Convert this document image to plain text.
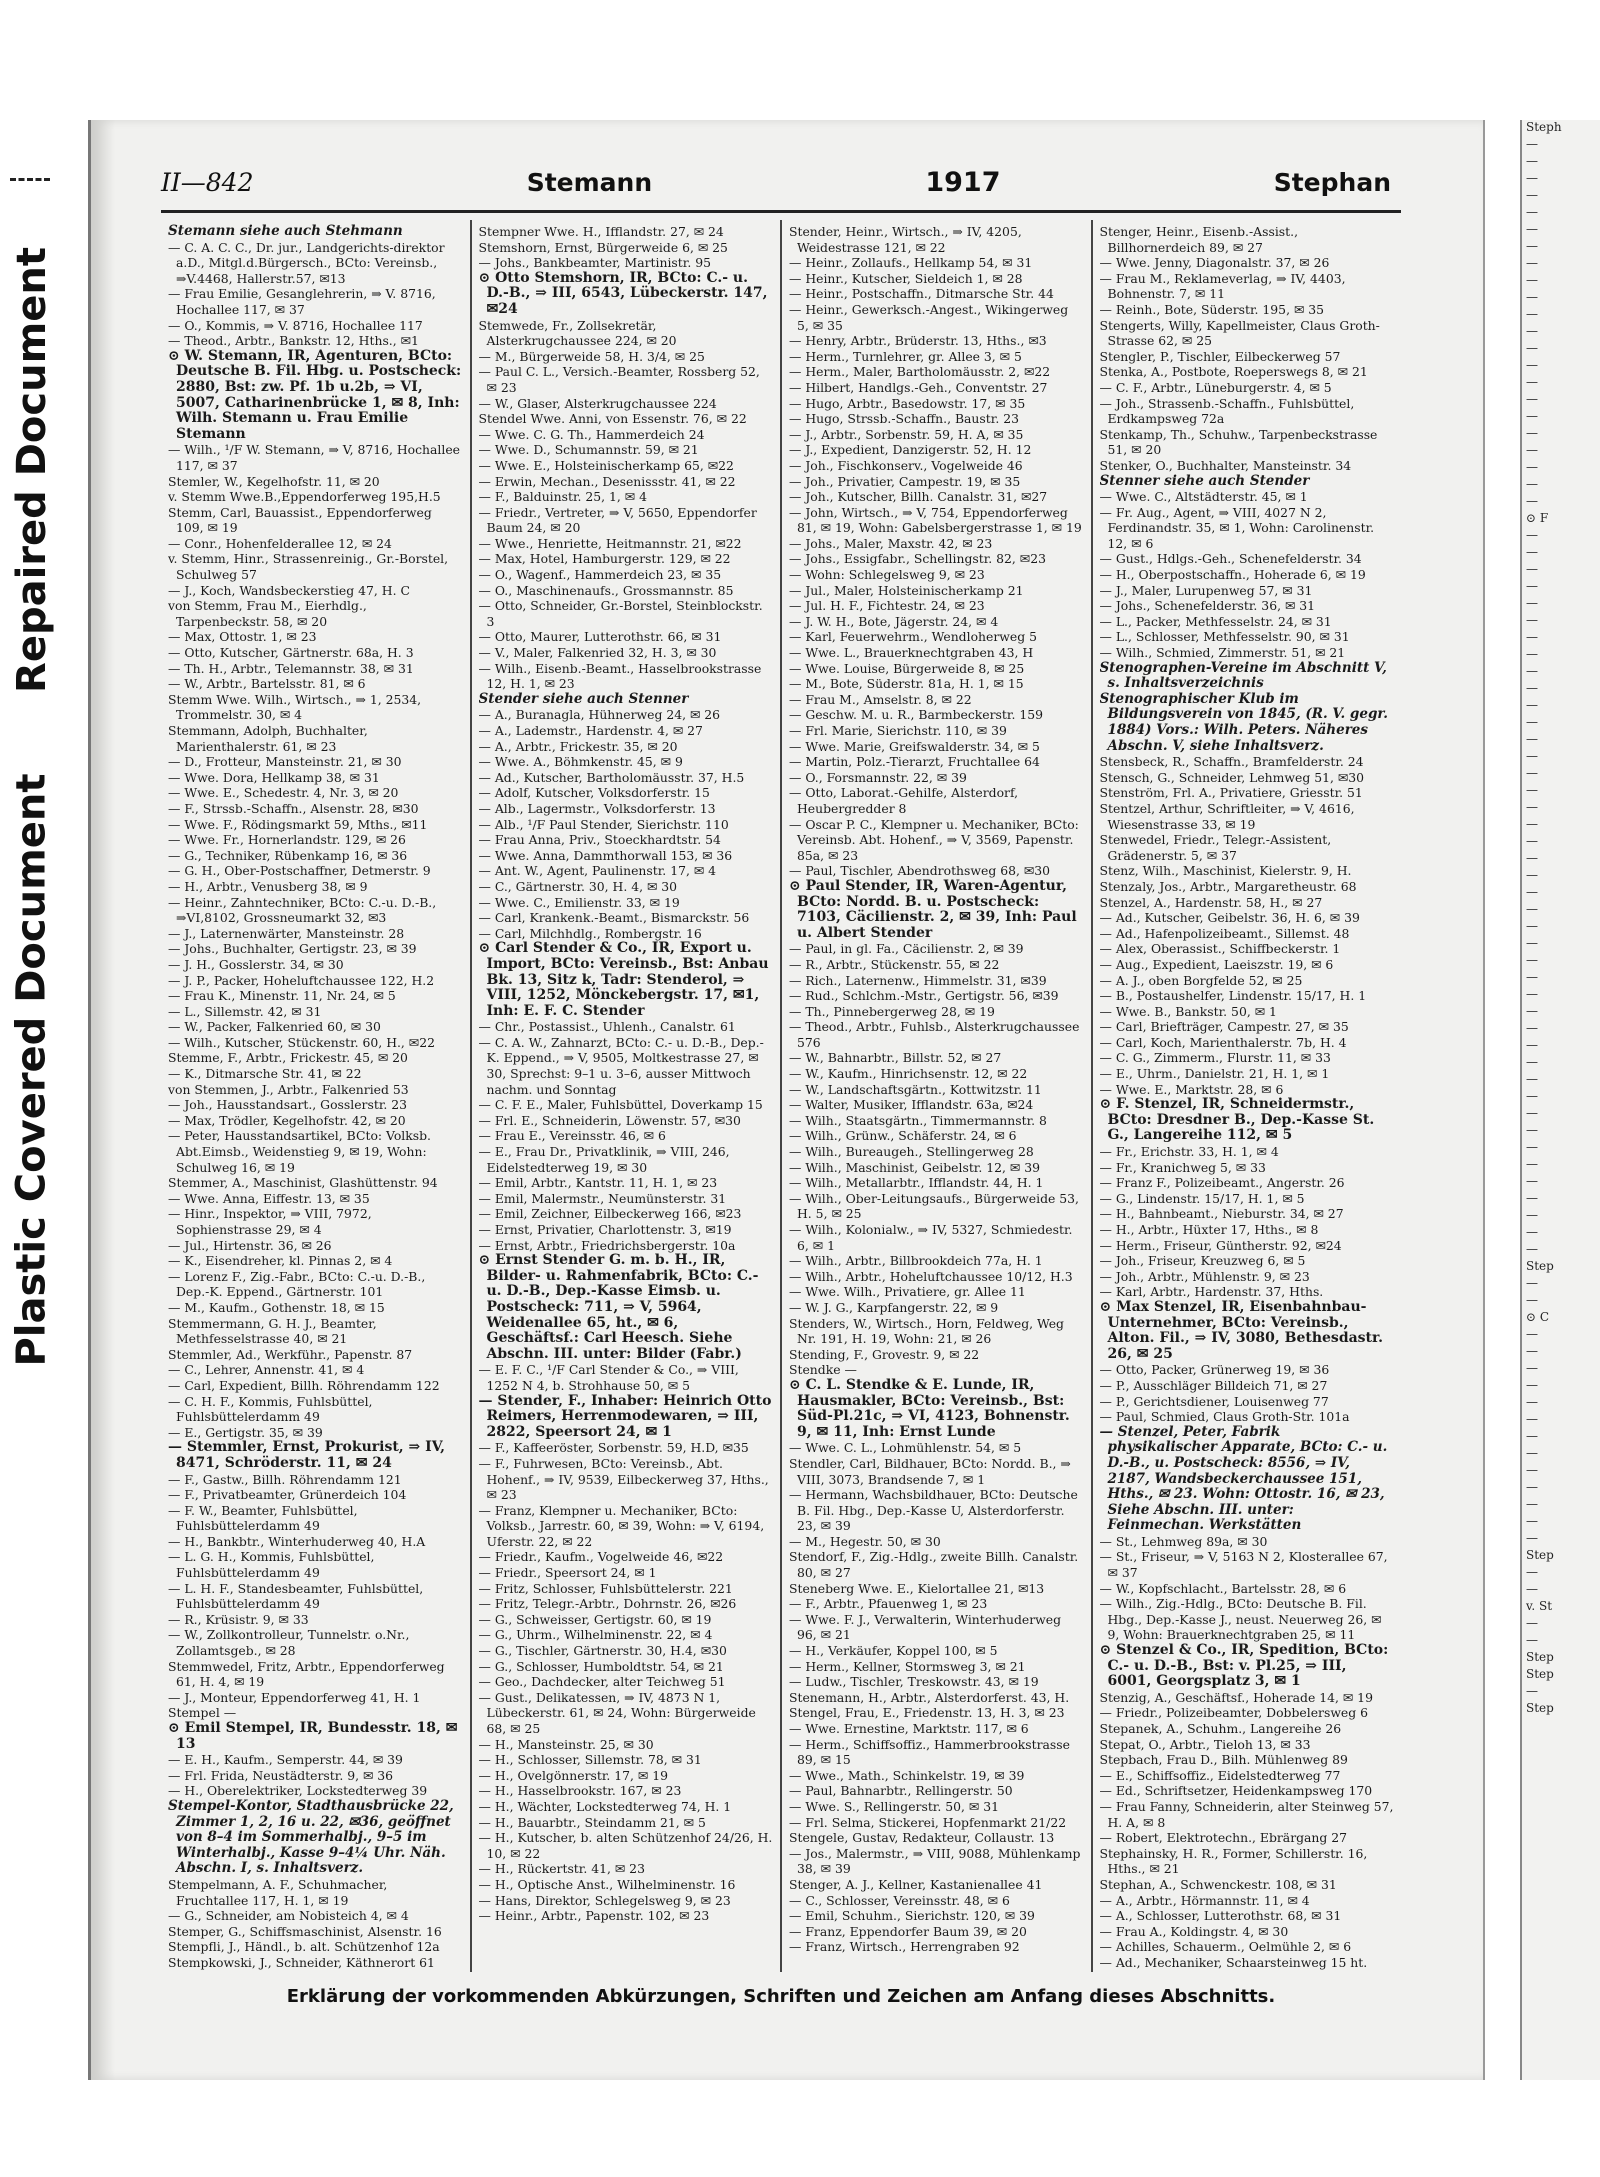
Repaired Document
Plastic Covered Document
II—842	Stemann	1917	Stephan
Stemann siehe auch Stehmann
— C. A. C. C., Dr. jur., Landgerichts-direktor a.D., Mitgl.d.Bürgersch., BCto: Vereinsb., ⇒V.4468, Hallerstr.57, ✉13
— Frau Emilie, Gesanglehrerin, ⇒ V. 8716, Hochallee 117, ✉ 37
— O., Kommis, ⇒ V. 8716, Hochallee 117
— Theod., Arbtr., Bankstr. 12, Hths., ✉1
⊙ W. Stemann, IR, Agenturen, BCto: Deutsche B. Fil. Hbg. u. Postscheck: 2880, Bst: zw. Pf. 1b u.2b, ⇒ VI, 5007, Catharinenbrücke 1, ✉ 8, Inh: Wilh. Stemann u. Frau Emilie Stemann
— Wilh., ¹/F W. Stemann, ⇒ V, 8716, Hochallee 117, ✉ 37
Stemler, W., Kegelhofstr. 11, ✉ 20
v. Stemm Wwe.B.,Eppendorferweg 195,H.5
Stemm, Carl, Bauassist., Eppendorferweg 109, ✉ 19
— Conr., Hohenfelderallee 12, ✉ 24
v. Stemm, Hinr., Strassenreinig., Gr.-Borstel, Schulweg 57
— J., Koch, Wandsbeckerstieg 47, H. C
von Stemm, Frau M., Eierhdlg., Tarpenbeckstr. 58, ✉ 20
— Max, Ottostr. 1, ✉ 23
— Otto, Kutscher, Gärtnerstr. 68a, H. 3
— Th. H., Arbtr., Telemannstr. 38, ✉ 31
— W., Arbtr., Bartelsstr. 81, ✉ 6
Stemm Wwe. Wilh., Wirtsch., ⇒ 1, 2534, Trommelstr. 30, ✉ 4
Stemmann, Adolph, Buchhalter, Marienthalerstr. 61, ✉ 23
— D., Frotteur, Mansteinstr. 21, ✉ 30
— Wwe. Dora, Hellkamp 38, ✉ 31
— Wwe. E., Schedestr. 4, Nr. 3, ✉ 20
— F., Strssb.-Schaffn., Alsenstr. 28, ✉30
— Wwe. F., Rödingsmarkt 59, Mths., ✉11
— Wwe. Fr., Hornerlandstr. 129, ✉ 26
— G., Techniker, Rübenkamp 16, ✉ 36
— G. H., Ober-Postschaffner, Detmerstr. 9
— H., Arbtr., Venusberg 38, ✉ 9
— Heinr., Zahntechniker, BCto: C.-u. D.-B., ⇒VI,8102, Grossneumarkt 32, ✉3
— J., Laternenwärter, Mansteinstr. 28
— Johs., Buchhalter, Gertigstr. 23, ✉ 39
— J. H., Gosslerstr. 34, ✉ 30
— J. P., Packer, Hoheluftchaussee 122, H.2
— Frau K., Minenstr. 11, Nr. 24, ✉ 5
— L., Sillemstr. 42, ✉ 31
— W., Packer, Falkenried 60, ✉ 30
— Wilh., Kutscher, Stückenstr. 60, H., ✉22
Stemme, F., Arbtr., Frickestr. 45, ✉ 20
— K., Ditmarsche Str. 41, ✉ 22
von Stemmen, J., Arbtr., Falkenried 53
— Joh., Hausstandsart., Gosslerstr. 23
— Max, Trödler, Kegelhofstr. 42, ✉ 20
— Peter, Hausstandsartikel, BCto: Volksb. Abt.Eimsb., Weidenstieg 9, ✉ 19, Wohn: Schulweg 16, ✉ 19
Stemmer, A., Maschinist, Glashüttenstr. 94
— Wwe. Anna, Eiffestr. 13, ✉ 35
— Hinr., Inspektor, ⇒ VIII, 7972, Sophienstrasse 29, ✉ 4
— Jul., Hirtenstr. 36, ✉ 26
— K., Eisendreher, kl. Pinnas 2, ✉ 4
— Lorenz F., Zig.-Fabr., BCto: C.-u. D.-B., Dep.-K. Eppend., Gärtnerstr. 101
— M., Kaufm., Gothenstr. 18, ✉ 15
Stemmermann, G. H. J., Beamter, Methfesselstrasse 40, ✉ 21
Stemmler, Ad., Werkführ., Papenstr. 87
— C., Lehrer, Annenstr. 41, ✉ 4
— Carl, Expedient, Billh. Röhrendamm 122
— C. H. F., Kommis, Fuhlsbüttel, Fuhlsbüttelerdamm 49
— E., Gertigstr. 35, ✉ 39
— Stemmler, Ernst, Prokurist, ⇒ IV, 8471, Schröderstr. 11, ✉ 24
— F., Gastw., Billh. Röhrendamm 121
— F., Privatbeamter, Grünerdeich 104
— F. W., Beamter, Fuhlsbüttel, Fuhlsbüttelerdamm 49
— H., Bankbtr., Winterhuderweg 40, H.A
— L. G. H., Kommis, Fuhlsbüttel, Fuhlsbüttelerdamm 49
— L. H. F., Standesbeamter, Fuhlsbüttel, Fuhlsbüttelerdamm 49
— R., Krüsistr. 9, ✉ 33
— W., Zollkontrolleur, Tunnelstr. o.Nr., Zollamtsgeb., ✉ 28
Stemmwedel, Fritz, Arbtr., Eppendorferweg 61, H. 4, ✉ 19
— J., Monteur, Eppendorferweg 41, H. 1
Stempel —
⊙ Emil Stempel, IR, Bundesstr. 18, ✉ 13
— E. H., Kaufm., Semperstr. 44, ✉ 39
— Frl. Frida, Neustädterstr. 9, ✉ 36
— H., Oberelektriker, Lockstedterweg 39
Stempel-Kontor, Stadthausbrücke 22, Zimmer 1, 2, 16 u. 22, ✉36, geöffnet von 8–4 im Sommerhalbj., 9–5 im Winterhalbj., Kasse 9–4¼ Uhr. Näh. Abschn. I, s. Inhaltsverz.
Stempelmann, A. F., Schuhmacher, Fruchtallee 117, H. 1, ✉ 19
— G., Schneider, am Nobisteich 4, ✉ 4
Stemper, G., Schiffsmaschinist, Alsenstr. 16
Stempfli, J., Händl., b. alt. Schützenhof 12a
Stempkowski, J., Schneider, Käthnerort 61
Stempner Wwe. H., Ifflandstr. 27, ✉ 24
Stemshorn, Ernst, Bürgerweide 6, ✉ 25
— Johs., Bankbeamter, Martinistr. 95
⊙ Otto Stemshorn, IR, BCto: C.- u. D.-B., ⇒ III, 6543, Lübeckerstr. 147, ✉24
Stemwede, Fr., Zollsekretär, Alsterkrugchaussee 224, ✉ 20
— M., Bürgerweide 58, H. 3/4, ✉ 25
— Paul C. L., Versich.-Beamter, Rossberg 52, ✉ 23
— W., Glaser, Alsterkrugchaussee 224
Stendel Wwe. Anni, von Essenstr. 76, ✉ 22
— Wwe. C. G. Th., Hammerdeich 24
— Wwe. D., Schumannstr. 59, ✉ 21
— Wwe. E., Holsteinischerkamp 65, ✉22
— Erwin, Mechan., Desenissstr. 41, ✉ 22
— F., Balduinstr. 25, 1, ✉ 4
— Friedr., Vertreter, ⇒ V, 5650, Eppendorfer Baum 24, ✉ 20
— Wwe., Henriette, Heitmannstr. 21, ✉22
— Max, Hotel, Hamburgerstr. 129, ✉ 22
— O., Wagenf., Hammerdeich 23, ✉ 35
— O., Maschinenaufs., Grossmannstr. 85
— Otto, Schneider, Gr.-Borstel, Steinblockstr. 3
— Otto, Maurer, Lutterothstr. 66, ✉ 31
— V., Maler, Falkenried 32, H. 3, ✉ 30
— Wilh., Eisenb.-Beamt., Hasselbrookstrasse 12, H. 1, ✉ 23
Stender siehe auch Stenner
— A., Buranagla, Hühnerweg 24, ✉ 26
— A., Lademstr., Hardenstr. 4, ✉ 27
— A., Arbtr., Frickestr. 35, ✉ 20
— Wwe. A., Böhmkenstr. 45, ✉ 9
— Ad., Kutscher, Bartholomäusstr. 37, H.5
— Adolf, Kutscher, Volksdorferstr. 15
— Alb., Lagermstr., Volksdorferstr. 13
— Alb., ¹/F Paul Stender, Sierichstr. 110
— Frau Anna, Priv., Stoeckhardtstr. 54
— Wwe. Anna, Dammthorwall 153, ✉ 36
— Ant. W., Agent, Paulinenstr. 17, ✉ 4
— C., Gärtnerstr. 30, H. 4, ✉ 30
— Wwe. C., Emilienstr. 33, ✉ 19
— Carl, Krankenk.-Beamt., Bismarckstr. 56
— Carl, Milchhdlg., Rombergstr. 16
⊙ Carl Stender & Co., IR, Export u. Import, BCto: Vereinsb., Bst: Anbau Bk. 13, Sitz k, Tadr: Stenderol, ⇒ VIII, 1252, Mönckebergstr. 17, ✉1, Inh: E. F. C. Stender
— Chr., Postassist., Uhlenh., Canalstr. 61
— C. A. W., Zahnarzt, BCto: C.- u. D.-B., Dep.-K. Eppend., ⇒ V, 9505, Moltkestrasse 27, ✉ 30, Sprechst: 9–1 u. 3–6, ausser Mittwoch nachm. und Sonntag
— C. F. E., Maler, Fuhlsbüttel, Doverkamp 15
— Frl. E., Schneiderin, Löwenstr. 57, ✉30
— Frau E., Vereinsstr. 46, ✉ 6
— E., Frau Dr., Privatklinik, ⇒ VIII, 246, Eidelstedterweg 19, ✉ 30
— Emil, Arbtr., Kantstr. 11, H. 1, ✉ 23
— Emil, Malermstr., Neumünsterstr. 31
— Emil, Zeichner, Eilbeckerweg 166, ✉23
— Ernst, Privatier, Charlottenstr. 3, ✉19
— Ernst, Arbtr., Friedrichsbergerstr. 10a
⊙ Ernst Stender G. m. b. H., IR, Bilder- u. Rahmenfabrik, BCto: C.- u. D.-B., Dep.-Kasse Eimsb. u. Postscheck: 711, ⇒ V, 5964, Weidenallee 65, ht., ✉ 6, Geschäftsf.: Carl Heesch. Siehe Abschn. III. unter: Bilder (Fabr.)
— E. F. C., ¹/F Carl Stender & Co., ⇒ VIII, 1252 N 4, b. Strohhause 50, ✉ 5
— Stender, F., Inhaber: Heinrich Otto Reimers, Herrenmodewaren, ⇒ III, 2822, Speersort 24, ✉ 1
— F., Kaffeeröster, Sorbenstr. 59, H.D, ✉35
— F., Fuhrwesen, BCto: Vereinsb., Abt. Hohenf., ⇒ IV, 9539, Eilbeckerweg 37, Hths., ✉ 23
— Franz, Klempner u. Mechaniker, BCto: Volksb., Jarrestr. 60, ✉ 39, Wohn: ⇒ V, 6194, Uferstr. 22, ✉ 22
— Friedr., Kaufm., Vogelweide 46, ✉22
— Friedr., Speersort 24, ✉ 1
— Fritz, Schlosser, Fuhlsbüttelerstr. 221
— Fritz, Telegr.-Arbtr., Dohrnstr. 26, ✉26
— G., Schweisser, Gertigstr. 60, ✉ 19
— G., Uhrm., Wilhelminenstr. 22, ✉ 4
— G., Tischler, Gärtnerstr. 30, H.4, ✉30
— G., Schlosser, Humboldtstr. 54, ✉ 21
— Geo., Dachdecker, alter Teichweg 51
— Gust., Delikatessen, ⇒ IV, 4873 N 1, Lübeckerstr. 61, ✉ 24, Wohn: Bürgerweide 68, ✉ 25
— H., Mansteinstr. 25, ✉ 30
— H., Schlosser, Sillemstr. 78, ✉ 31
— H., Ovelgönnerstr. 17, ✉ 19
— H., Hasselbrookstr. 167, ✉ 23
— H., Wächter, Lockstedterweg 74, H. 1
— H., Bauarbtr., Steindamm 21, ✉ 5
— H., Kutscher, b. alten Schützenhof 24/26, H. 10, ✉ 22
— H., Rückertstr. 41, ✉ 23
— H., Optische Anst., Wilhelminenstr. 16
— Hans, Direktor, Schlegelsweg 9, ✉ 23
— Heinr., Arbtr., Papenstr. 102, ✉ 23
Stender, Heinr., Wirtsch., ⇒ IV, 4205, Weidestrasse 121, ✉ 22
— Heinr., Zollaufs., Hellkamp 54, ✉ 31
— Heinr., Kutscher, Sieldeich 1, ✉ 28
— Heinr., Postschaffn., Ditmarsche Str. 44
— Heinr., Gewerksch.-Angest., Wikingerweg 5, ✉ 35
— Henry, Arbtr., Brüderstr. 13, Hths., ✉3
— Herm., Turnlehrer, gr. Allee 3, ✉ 5
— Herm., Maler, Bartholomäusstr. 2, ✉22
— Hilbert, Handlgs.-Geh., Conventstr. 27
— Hugo, Arbtr., Basedowstr. 17, ✉ 35
— Hugo, Strssb.-Schaffn., Baustr. 23
— J., Arbtr., Sorbenstr. 59, H. A, ✉ 35
— J., Expedient, Danzigerstr. 52, H. 12
— Joh., Fischkonserv., Vogelweide 46
— Joh., Privatier, Campestr. 19, ✉ 35
— Joh., Kutscher, Billh. Canalstr. 31, ✉27
— John, Wirtsch., ⇒ V, 754, Eppendorferweg 81, ✉ 19, Wohn: Gabelsbergerstrasse 1, ✉ 19
— Johs., Maler, Maxstr. 42, ✉ 23
— Johs., Essigfabr., Schellingstr. 82, ✉23
— Wohn: Schlegelsweg 9, ✉ 23
— Jul., Maler, Holsteinischerkamp 21
— Jul. H. F., Fichtestr. 24, ✉ 23
— J. W. H., Bote, Jägerstr. 24, ✉ 4
— Karl, Feuerwehrm., Wendloherweg 5
— Wwe. L., Brauerknechtgraben 43, H
— Wwe. Louise, Bürgerweide 8, ✉ 25
— M., Bote, Süderstr. 81a, H. 1, ✉ 15
— Frau M., Amselstr. 8, ✉ 22
— Geschw. M. u. R., Barmbeckerstr. 159
— Frl. Marie, Sierichstr. 110, ✉ 39
— Wwe. Marie, Greifswalderstr. 34, ✉ 5
— Martin, Polz.-Tierarzt, Fruchtallee 64
— O., Forsmannstr. 22, ✉ 39
— Otto, Laborat.-Gehilfe, Alsterdorf, Heubergredder 8
— Oscar P. C., Klempner u. Mechaniker, BCto: Vereinsb. Abt. Hohenf., ⇒ V, 3569, Papenstr. 85a, ✉ 23
— Paul, Tischler, Abendrothsweg 68, ✉30
⊙ Paul Stender, IR, Waren-Agentur, BCto: Nordd. B. u. Postscheck: 7103, Cäcilienstr. 2, ✉ 39, Inh: Paul u. Albert Stender
— Paul, in gl. Fa., Cäcilienstr. 2, ✉ 39
— R., Arbtr., Stückenstr. 55, ✉ 22
— Rich., Laternenw., Himmelstr. 31, ✉39
— Rud., Schlchm.-Mstr., Gertigstr. 56, ✉39
— Th., Pinnebergerweg 28, ✉ 19
— Theod., Arbtr., Fuhlsb., Alsterkrugchaussee 576
— W., Bahnarbtr., Billstr. 52, ✉ 27
— W., Kaufm., Hinrichsenstr. 12, ✉ 22
— W., Landschaftsgärtn., Kottwitzstr. 11
— Walter, Musiker, Ifflandstr. 63a, ✉24
— Wilh., Staatsgärtn., Timmermannstr. 8
— Wilh., Grünw., Schäferstr. 24, ✉ 6
— Wilh., Bureaugeh., Stellingerweg 28
— Wilh., Maschinist, Geibelstr. 12, ✉ 39
— Wilh., Metallarbtr., Ifflandstr. 44, H. 1
— Wilh., Ober-Leitungsaufs., Bürgerweide 53, H. 5, ✉ 25
— Wilh., Kolonialw., ⇒ IV, 5327, Schmiedestr. 6, ✉ 1
— Wilh., Arbtr., Billbrookdeich 77a, H. 1
— Wilh., Arbtr., Hoheluftchaussee 10/12, H.3
— Wwe. Wilh., Privatiere, gr. Allee 11
— W. J. G., Karpfangerstr. 22, ✉ 9
Stenders, W., Wirtsch., Horn, Feldweg, Weg Nr. 191, H. 19, Wohn: 21, ✉ 26
Stending, F., Grovestr. 9, ✉ 22
Stendke —
⊙ C. L. Stendke & E. Lunde, IR, Hausmakler, BCto: Vereinsb., Bst: Süd-Pl.21c, ⇒ VI, 4123, Bohnenstr. 9, ✉ 11, Inh: Ernst Lunde
— Wwe. C. L., Lohmühlenstr. 54, ✉ 5
Stendler, Carl, Bildhauer, BCto: Nordd. B., ⇒ VIII, 3073, Brandsende 7, ✉ 1
— Hermann, Wachsbildhauer, BCto: Deutsche B. Fil. Hbg., Dep.-Kasse U, Alsterdorferstr. 23, ✉ 39
— M., Hegestr. 50, ✉ 30
Stendorf, F., Zig.-Hdlg., zweite Billh. Canalstr. 80, ✉ 27
Steneberg Wwe. E., Kielortallee 21, ✉13
— F., Arbtr., Pfauenweg 1, ✉ 23
— Wwe. F. J., Verwalterin, Winterhuderweg 96, ✉ 21
— H., Verkäufer, Koppel 100, ✉ 5
— Herm., Kellner, Stormsweg 3, ✉ 21
— Ludw., Tischler, Treskowstr. 43, ✉ 19
Stenemann, H., Arbtr., Alsterdorferst. 43, H.
Stengel, Frau, E., Friedenstr. 13, H. 3, ✉ 23
— Wwe. Ernestine, Marktstr. 117, ✉ 6
— Herm., Schiffsoffiz., Hammerbrookstrasse 89, ✉ 15
— Wwe., Math., Schinkelstr. 19, ✉ 39
— Paul, Bahnarbtr., Rellingerstr. 50
— Wwe. S., Rellingerstr. 50, ✉ 31
— Frl. Selma, Stickerei, Hopfenmarkt 21/22
Stengele, Gustav, Redakteur, Collaustr. 13
— Jos., Malermstr., ⇒ VIII, 9088, Mühlenkamp 38, ✉ 39
Stenger, A. J., Kellner, Kastanienallee 41
— C., Schlosser, Vereinsstr. 48, ✉ 6
— Emil, Schuhm., Sierichstr. 120, ✉ 39
— Franz, Eppendorfer Baum 39, ✉ 20
— Franz, Wirtsch., Herrengraben 92
Stenger, Heinr., Eisenb.-Assist., Billhornerdeich 89, ✉ 27
— Wwe. Jenny, Diagonalstr. 37, ✉ 26
— Frau M., Reklameverlag, ⇒ IV, 4403, Bohnenstr. 7, ✉ 11
— Reinh., Bote, Süderstr. 195, ✉ 35
Stengerts, Willy, Kapellmeister, Claus Groth-Strasse 62, ✉ 25
Stengler, P., Tischler, Eilbeckerweg 57
Stenka, A., Postbote, Roeperswegs 8, ✉ 21
— C. F., Arbtr., Lüneburgerstr. 4, ✉ 5
— Joh., Strassenb.-Schaffn., Fuhlsbüttel, Erdkampsweg 72a
Stenkamp, Th., Schuhw., Tarpenbeckstrasse 51, ✉ 20
Stenker, O., Buchhalter, Mansteinstr. 34
Stenner siehe auch Stender
— Wwe. C., Altstädterstr. 45, ✉ 1
— Fr. Aug., Agent, ⇒ VIII, 4027 N 2, Ferdinandstr. 35, ✉ 1, Wohn: Carolinenstr. 12, ✉ 6
— Gust., Hdlgs.-Geh., Schenefelderstr. 34
— H., Oberpostschaffn., Hoherade 6, ✉ 19
— J., Maler, Lurupenweg 57, ✉ 31
— Johs., Schenefelderstr. 36, ✉ 31
— L., Packer, Methfesselstr. 24, ✉ 31
— L., Schlosser, Methfesselstr. 90, ✉ 31
— Wilh., Schmied, Zimmerstr. 51, ✉ 21
Stenographen-Vereine im Abschnitt V, s. Inhaltsverzeichnis
Stenographischer Klub im Bildungsverein von 1845, (R. V. gegr. 1884) Vors.: Wilh. Peters. Näheres Abschn. V, siehe Inhaltsverz.
Stensbeck, R., Schaffn., Bramfelderstr. 24
Stensch, G., Schneider, Lehmweg 51, ✉30
Stenström, Frl. A., Privatiere, Griesstr. 51
Stentzel, Arthur, Schriftleiter, ⇒ V, 4616, Wiesenstrasse 33, ✉ 19
Stenwedel, Friedr., Telegr.-Assistent, Grädenerstr. 5, ✉ 37
Stenz, Wilh., Maschinist, Kielerstr. 9, H.
Stenzaly, Jos., Arbtr., Margaretheustr. 68
Stenzel, A., Hardenstr. 58, H., ✉ 27
— Ad., Kutscher, Geibelstr. 36, H. 6, ✉ 39
— Ad., Hafenpolizeibeamt., Sillemst. 48
— Alex, Oberassist., Schiffbeckerstr. 1
— Aug., Expedient, Laeiszstr. 19, ✉ 6
— A. J., oben Borgfelde 52, ✉ 25
— B., Postaushelfer, Lindenstr. 15/17, H. 1
— Wwe. B., Bankstr. 50, ✉ 1
— Carl, Briefträger, Campestr. 27, ✉ 35
— Carl, Koch, Marienthalerstr. 7b, H. 4
— C. G., Zimmerm., Flurstr. 11, ✉ 33
— E., Uhrm., Danielstr. 21, H. 1, ✉ 1
— Wwe. E., Marktstr. 28, ✉ 6
⊙ F. Stenzel, IR, Schneidermstr., BCto: Dresdner B., Dep.-Kasse St. G., Langereihe 112, ✉ 5
— Fr., Erichstr. 33, H. 1, ✉ 4
— Fr., Kranichweg 5, ✉ 33
— Franz F., Polizeibeamt., Angerstr. 26
— G., Lindenstr. 15/17, H. 1, ✉ 5
— H., Bahnbeamt., Nieburstr. 34, ✉ 27
— H., Arbtr., Hüxter 17, Hths., ✉ 8
— Herm., Friseur, Güntherstr. 92, ✉24
— Joh., Friseur, Kreuzweg 6, ✉ 5
— Joh., Arbtr., Mühlenstr. 9, ✉ 23
— Karl, Arbtr., Hardenstr. 37, Hths.
⊙ Max Stenzel, IR, Eisenbahnbau-Unternehmer, BCto: Vereinsb., Alton. Fil., ⇒ IV, 3080, Bethesdastr. 26, ✉ 25
— Otto, Packer, Grünerweg 19, ✉ 36
— P., Ausschläger Billdeich 71, ✉ 27
— P., Gerichtsdiener, Louisenweg 77
— Paul, Schmied, Claus Groth-Str. 101a
— Stenzel, Peter, Fabrik physikalischer Apparate, BCto: C.- u. D.-B., u. Postscheck: 8556, ⇒ IV, 2187, Wandsbeckerchaussee 151, Hths., ✉ 23. Wohn: Ottostr. 16, ✉ 23, Siehe Abschn. III. unter: Feinmechan. Werkstätten
— St., Lehmweg 89a, ✉ 30
— St., Friseur, ⇒ V, 5163 N 2, Klosterallee 67, ✉ 37
— W., Kopfschlacht., Bartelsstr. 28, ✉ 6
— Wilh., Zig.-Hdlg., BCto: Deutsche B. Fil. Hbg., Dep.-Kasse J., neust. Neuerweg 26, ✉ 9, Wohn: Brauerknechtgraben 25, ✉ 11
⊙ Stenzel & Co., IR, Spedition, BCto: C.- u. D.-B., Bst: v. Pl.25, ⇒ III, 6001, Georgsplatz 3, ✉ 1
Stenzig, A., Geschäftsf., Hoherade 14, ✉ 19
— Friedr., Polizeibeamter, Dobbelersweg 6
Stepanek, A., Schuhm., Langereihe 26
Stepat, O., Arbtr., Tieloh 13, ✉ 33
Stepbach, Frau D., Bilh. Mühlenweg 89
— E., Schiffsoffiz., Eidelstedterweg 77
— Ed., Schriftsetzer, Heidenkampsweg 170
— Frau Fanny, Schneiderin, alter Steinweg 57, H. A, ✉ 8
— Robert, Elektrotechn., Ebrärgang 27
Stephainsky, H. R., Former, Schillerstr. 16, Hths., ✉ 21
Stephan, A., Schwenckestr. 108, ✉ 31
— A., Arbtr., Hörmannstr. 11, ✉ 4
— A., Schlosser, Lutterothstr. 68, ✉ 31
— Frau A., Koldingstr. 4, ✉ 30
— Achilles, Schauerm., Oelmühle 2, ✉ 6
— Ad., Mechaniker, Schaarsteinweg 15 ht.
Erklärung der vorkommenden Abkürzungen, Schriften und Zeichen am Anfang dieses Abschnitts.
Steph
—
—
—
—
—
—
—
—
—
—
—
—
—
—
—
—
—
—
—
—
—
—
⊙ F
—
—
—
—
—
—
—
—
—
—
—
—
—
—
—
—
—
—
—
—
—
—
—
—
—
—
—
—
—
—
—
—
—
—
—
—
—
—
—
—
—
—
—
Step
—
—
⊙ C
—
—
—
—
—
—
—
—
—
—
—
—
—
Step
—
—
v. St
—
—
Step
Step
—
Step
